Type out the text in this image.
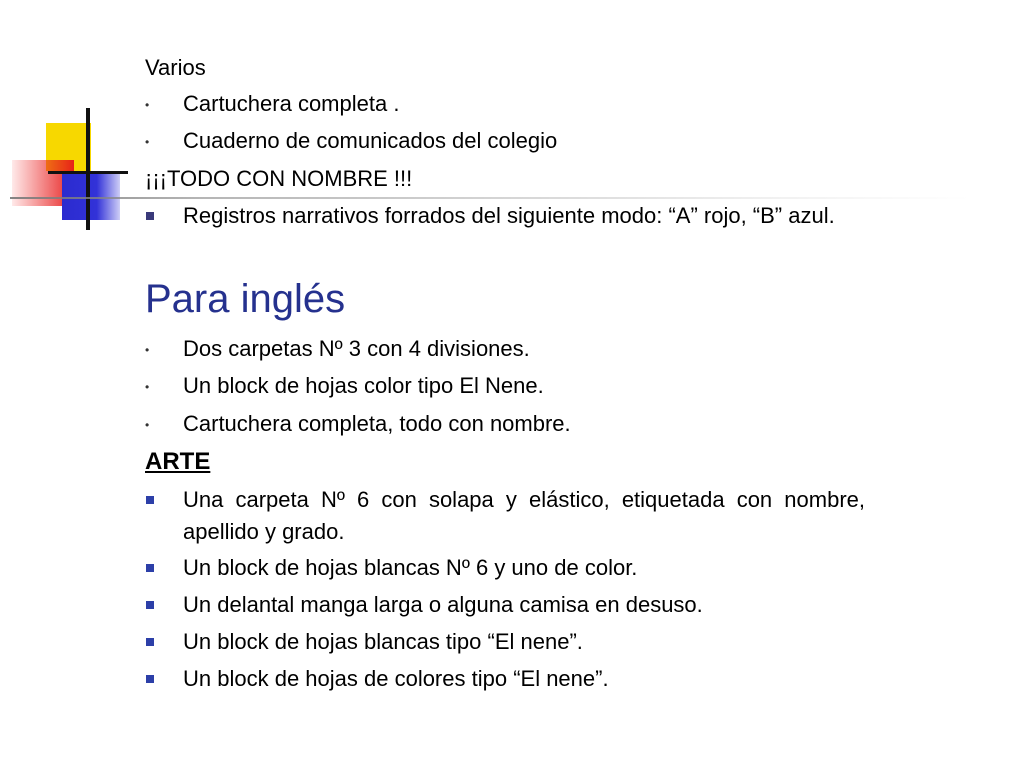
Varios
•	Cartuchera completa .
•	Cuaderno de comunicados del colegio
¡¡¡TODO CON NOMBRE !!!
Registros narrativos forrados del siguiente modo: “A” rojo, “B” azul.
Para inglés
•	Dos carpetas Nº 3 con 4 divisiones.
•	Un block de hojas color tipo El Nene.
•	Cartuchera completa, todo con nombre.
ARTE
Una carpeta Nº 6 con solapa y elástico, etiquetada con nombre, apellido y grado.
Un block de hojas blancas Nº 6 y uno de color.
Un delantal manga larga o alguna camisa en desuso.
Un block de hojas blancas tipo “El nene”.
Un block de hojas de colores tipo “El nene”.
